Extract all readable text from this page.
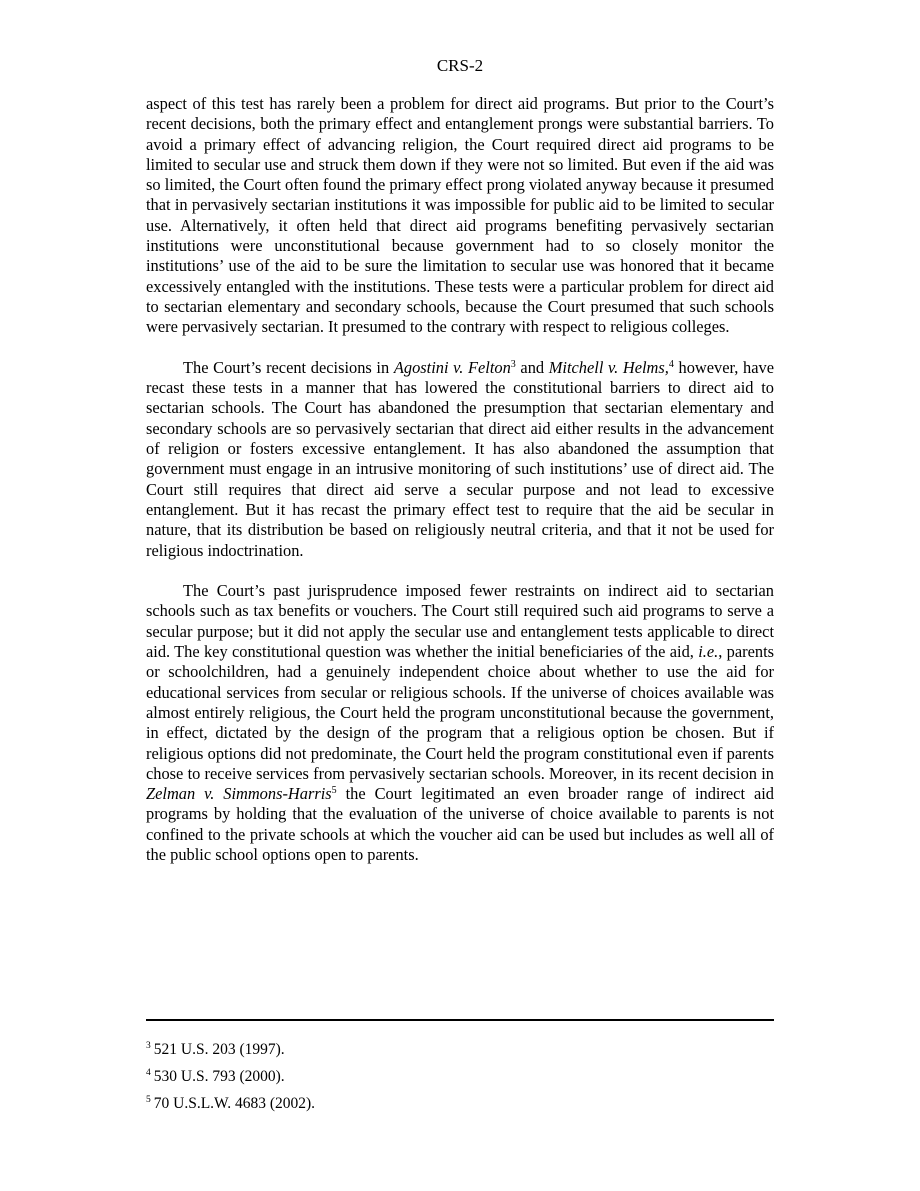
CRS-2

aspect of this test has rarely been a problem for direct aid programs. But prior to the Court’s recent decisions, both the primary effect and entanglement prongs were substantial barriers. To avoid a primary effect of advancing religion, the Court required direct aid programs to be limited to secular use and struck them down if they were not so limited. But even if the aid was so limited, the Court often found the primary effect prong violated anyway because it presumed that in pervasively sectarian institutions it was impossible for public aid to be limited to secular use. Alternatively, it often held that direct aid programs benefiting pervasively sectarian institutions were unconstitutional because government had to so closely monitor the institutions’ use of the aid to be sure the limitation to secular use was honored that it became excessively entangled with the institutions. These tests were a particular problem for direct aid to sectarian elementary and secondary schools, because the Court presumed that such schools were pervasively sectarian. It presumed to the contrary with respect to religious colleges.

The Court’s recent decisions in Agostini v. Felton$^3$ and Mitchell v. Helms,$^4$ however, have recast these tests in a manner that has lowered the constitutional barriers to direct aid to sectarian schools. The Court has abandoned the presumption that sectarian elementary and secondary schools are so pervasively sectarian that direct aid either results in the advancement of religion or fosters excessive entanglement. It has also abandoned the assumption that government must engage in an intrusive monitoring of such institutions’ use of direct aid. The Court still requires that direct aid serve a secular purpose and not lead to excessive entanglement. But it has recast the primary effect test to require that the aid be secular in nature, that its distribution be based on religiously neutral criteria, and that it not be used for religious indoctrination.

The Court’s past jurisprudence imposed fewer restraints on indirect aid to sectarian schools such as tax benefits or vouchers. The Court still required such aid programs to serve a secular purpose; but it did not apply the secular use and entanglement tests applicable to direct aid. The key constitutional question was whether the initial beneficiaries of the aid, i.e., parents or schoolchildren, had a genuinely independent choice about whether to use the aid for educational services from secular or religious schools. If the universe of choices available was almost entirely religious, the Court held the program unconstitutional because the government, in effect, dictated by the design of the program that a religious option be chosen. But if religious options did not predominate, the Court held the program constitutional even if parents chose to receive services from pervasively sectarian schools. Moreover, in its recent decision in Zelman v. Simmons-Harris$^5$ the Court legitimated an even broader range of indirect aid programs by holding that the evaluation of the universe of choice available to parents is not confined to the private schools at which the voucher aid can be used but includes as well all of the public school options open to parents.

$^3$ 521 U.S. 203 (1997).
$^4$ 530 U.S. 793 (2000).
$^5$ 70 U.S.L.W. 4683 (2002).
